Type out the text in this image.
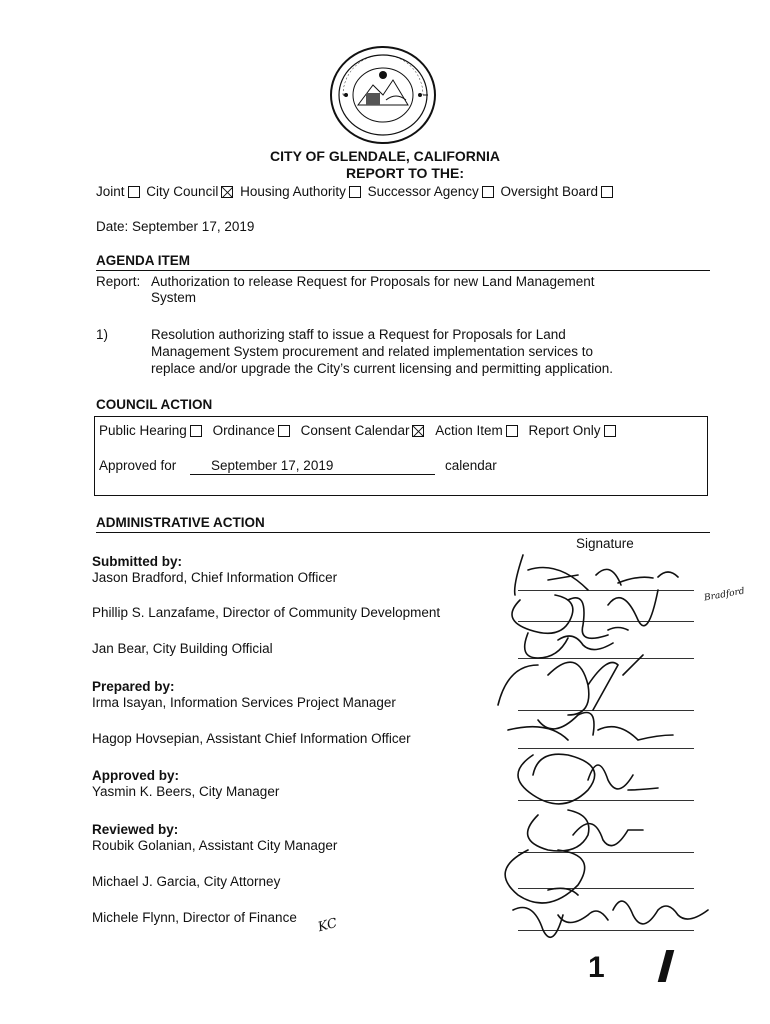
CITY OF GLENDALE, CALIFORNIA
REPORT TO THE:
Joint City Council Housing Authority Successor Agency Oversight Board
Date: September 17, 2019
AGENDA ITEM
Report: Authorization to release Request for Proposals for new Land Management
System
1)	Resolution authorizing staff to issue a Request for Proposals for Land
Management System procurement and related implementation services to
replace and/or upgrade the City’s current licensing and permitting application.
COUNCIL ACTION
Public Hearing Ordinance Consent Calendar Action Item Report Only
Approved for	September 17, 2019	calendar
ADMINISTRATIVE ACTION
Signature
Submitted by:
Jason Bradford, Chief Information Officer
Phillip S. Lanzafame, Director of Community Development
Jan Bear, City Building Official
Prepared by:
Irma Isayan, Information Services Project Manager
Hagop Hovsepian, Assistant Chief Information Officer
Approved by:
Yasmin K. Beers, City Manager
Reviewed by:
Roubik Golanian, Assistant City Manager
Michael J. Garcia, City Attorney
Michele Flynn, Director of Finance KC
Bradford
1
